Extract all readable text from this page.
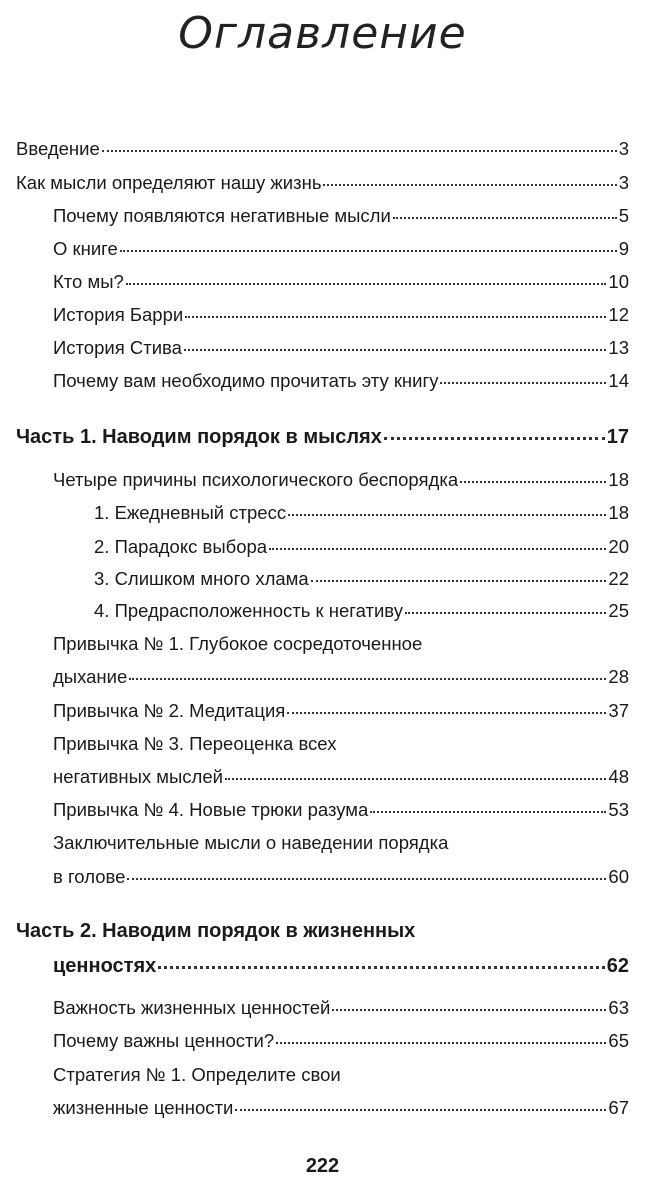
Оглавление
Введение	3
Как мысли определяют нашу жизнь	3
Почему появляются негативные мысли	5
О книге	9
Кто мы?	10
История Барри	12
История Стива	13
Почему вам необходимо прочитать эту книгу	14
Часть 1. Наводим порядок в мыслях	17
Четыре причины психологического беспорядка	18
1. Ежедневный стресс	18
2. Парадокс выбора	20
3. Слишком много хлама	22
4. Предрасположенность к негативу	25
Привычка № 1. Глубокое сосредоточенное
дыхание	28
Привычка № 2. Медитация	37
Привычка № 3. Переоценка всех
негативных мыслей	48
Привычка № 4. Новые трюки разума	53
Заключительные мысли о наведении порядка
в голове	60
Часть 2. Наводим порядок в жизненных
ценностях	62
Важность жизненных ценностей	63
Почему важны ценности?	65
Стратегия № 1. Определите свои
жизненные ценности	67
222
